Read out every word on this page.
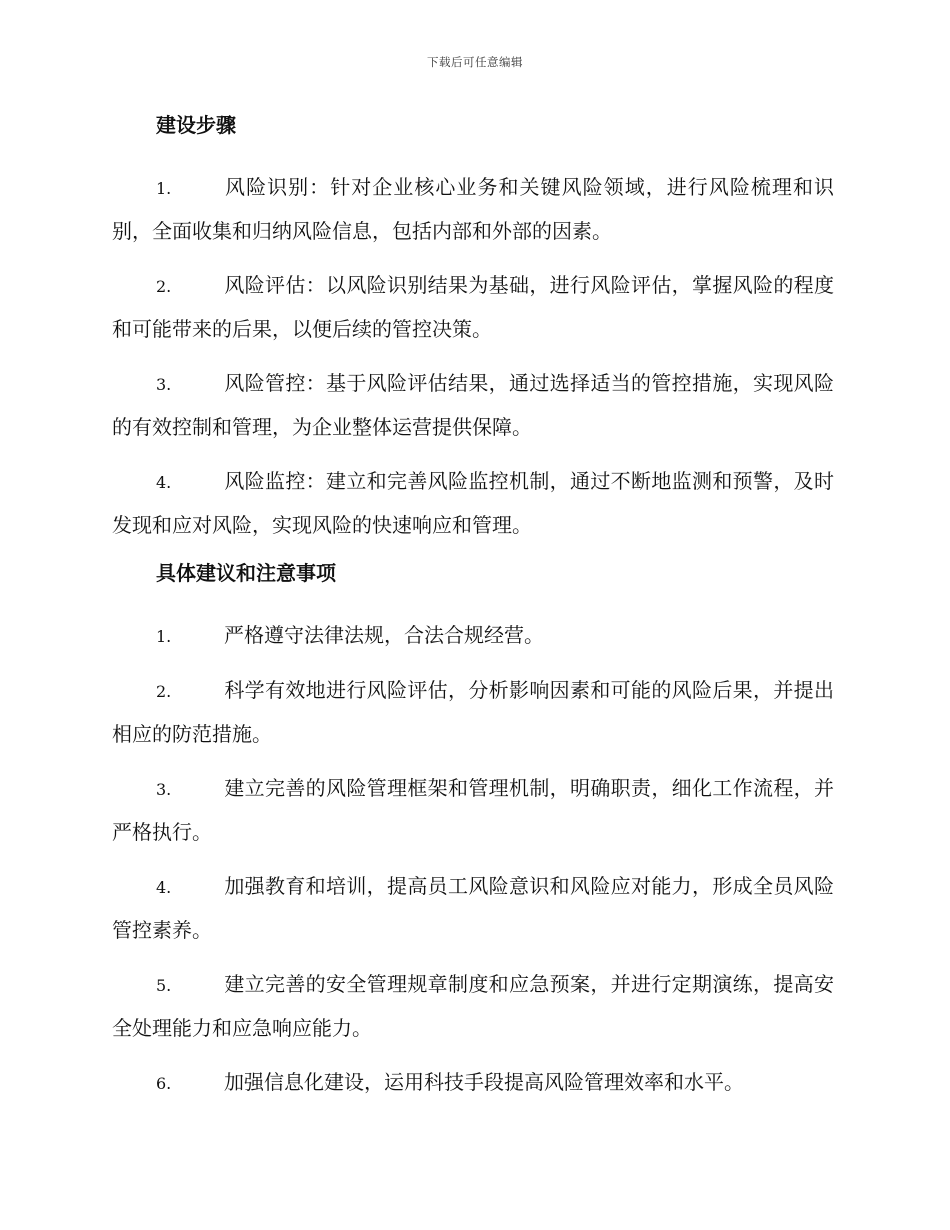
下载后可任意编辑
建设步骤
1.	风险识别：针对企业核心业务和关键风险领域，进行风险梳理和识别，全面收集和归纳风险信息，包括内部和外部的因素。
2.	风险评估：以风险识别结果为基础，进行风险评估，掌握风险的程度和可能带来的后果，以便后续的管控决策。
3.	风险管控：基于风险评估结果，通过选择适当的管控措施，实现风险的有效控制和管理，为企业整体运营提供保障。
4.	风险监控：建立和完善风险监控机制，通过不断地监测和预警，及时发现和应对风险，实现风险的快速响应和管理。
具体建议和注意事项
1.	严格遵守法律法规，合法合规经营。
2.	科学有效地进行风险评估，分析影响因素和可能的风险后果，并提出相应的防范措施。
3.	建立完善的风险管理框架和管理机制，明确职责，细化工作流程，并严格执行。
4.	加强教育和培训，提高员工风险意识和风险应对能力，形成全员风险管控素养。
5.	建立完善的安全管理规章制度和应急预案，并进行定期演练，提高安全处理能力和应急响应能力。
6.	加强信息化建设，运用科技手段提高风险管理效率和水平。
